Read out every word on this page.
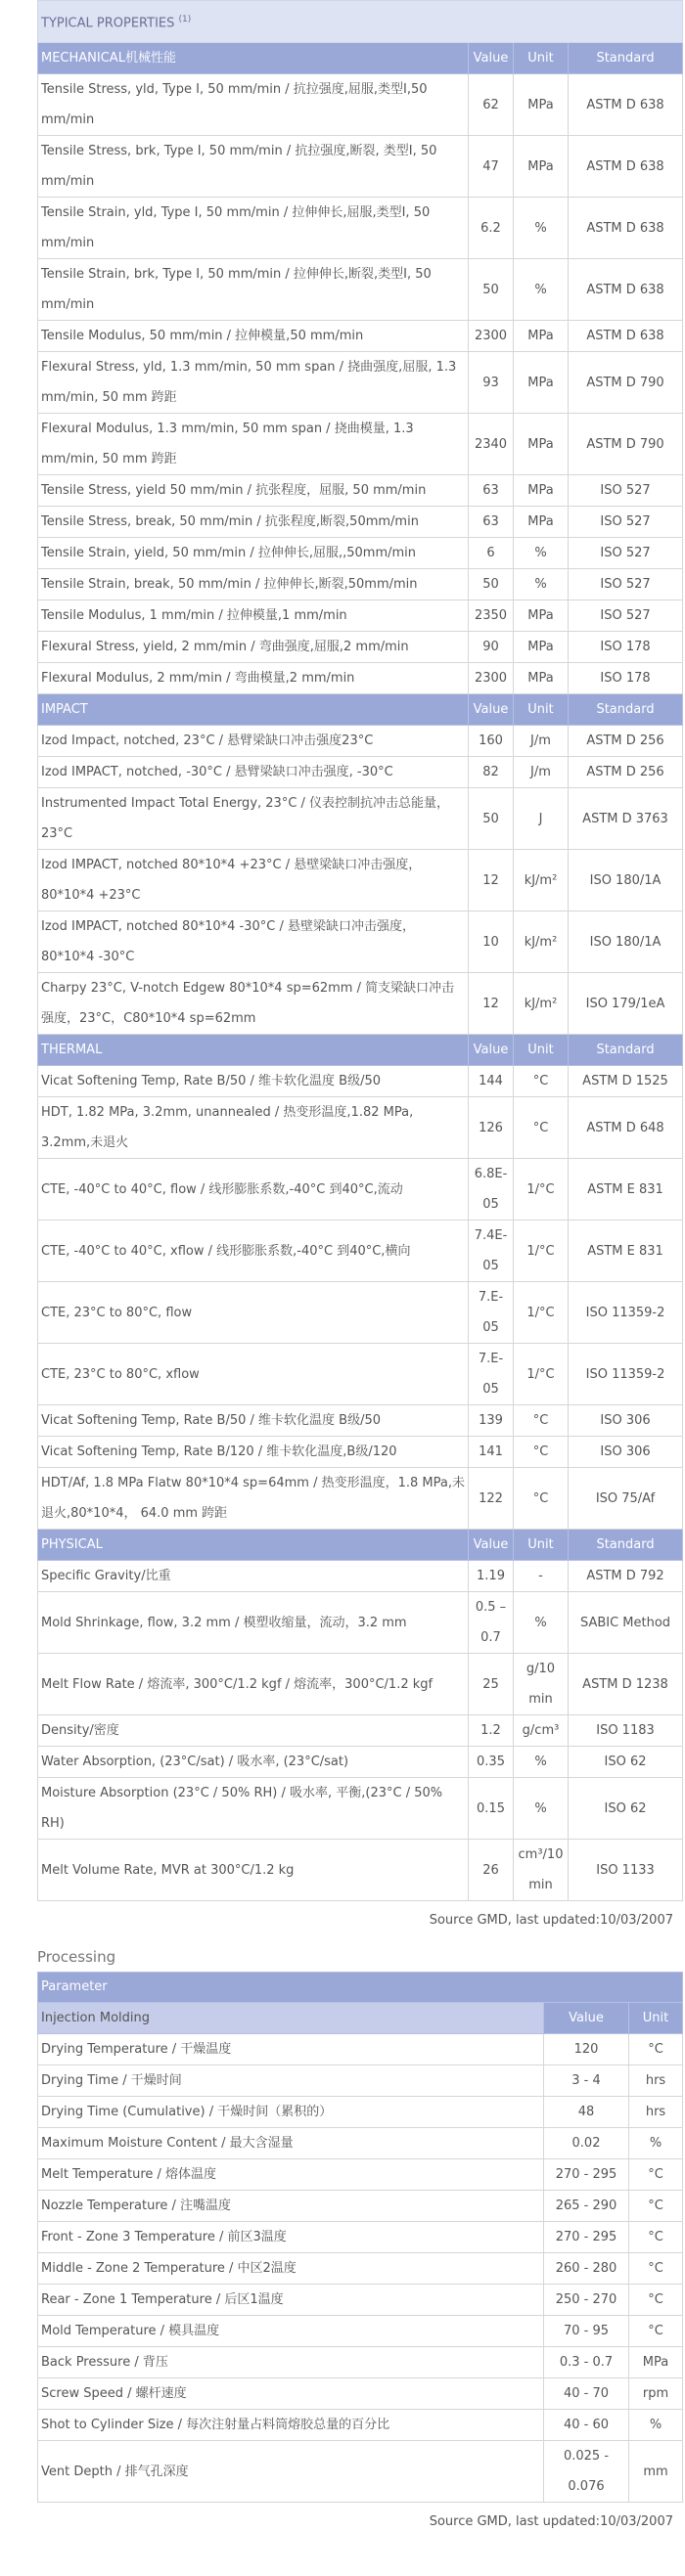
TYPICAL PROPERTIES $^{(1)}$
MECHANICAL机械性能	Value	Unit	Standard
Tensile Stress, yld, Type I, 50 mm/min / 抗拉强度,屈服,类型I,50 mm/min	62	MPa	ASTM D 638
Tensile Stress, brk, Type I, 50 mm/min / 抗拉强度,断裂, 类型I, 50 mm/min	47	MPa	ASTM D 638
Tensile Strain, yld, Type I, 50 mm/min / 拉伸伸长,屈服,类型I, 50 mm/min	6.2	%	ASTM D 638
Tensile Strain, brk, Type I, 50 mm/min / 拉伸伸长,断裂,类型I, 50 mm/min	50	%	ASTM D 638
Tensile Modulus, 50 mm/min / 拉伸模量,50 mm/min	2300	MPa	ASTM D 638
Flexural Stress, yld, 1.3 mm/min, 50 mm span / 挠曲强度,屈服, 1.3 mm/min, 50 mm 跨距	93	MPa	ASTM D 790
Flexural Modulus, 1.3 mm/min, 50 mm span / 挠曲模量, 1.3 mm/min, 50 mm 跨距	2340	MPa	ASTM D 790
Tensile Stress, yield 50 mm/min / 抗张程度，屈服, 50 mm/min	63	MPa	ISO 527
Tensile Stress, break, 50 mm/min / 抗张程度,断裂,50mm/min	63	MPa	ISO 527
Tensile Strain, yield, 50 mm/min / 拉伸伸长,屈服,,50mm/min	6	%	ISO 527
Tensile Strain, break, 50 mm/min / 拉伸伸长,断裂,50mm/min	50	%	ISO 527
Tensile Modulus, 1 mm/min / 拉伸模量,1 mm/min	2350	MPa	ISO 527
Flexural Stress, yield, 2 mm/min / 弯曲强度,屈服,2 mm/min	90	MPa	ISO 178
Flexural Modulus, 2 mm/min / 弯曲模量,2 mm/min	2300	MPa	ISO 178
IMPACT	Value	Unit	Standard
Izod Impact, notched, 23°C / 悬臂梁缺口冲击强度23°C	160	J/m	ASTM D 256
Izod IMPACT, notched, -30°C / 悬臂梁缺口冲击强度, -30°C	82	J/m	ASTM D 256
Instrumented Impact Total Energy, 23°C / 仪表控制抗冲击总能量，23°C	50	J	ASTM D 3763
Izod IMPACT, notched 80*10*4 +23°C / 悬壁梁缺口冲击强度，80*10*4 +23°C	12	kJ/m²	ISO 180/1A
Izod IMPACT, notched 80*10*4 -30°C / 悬壁梁缺口冲击强度，80*10*4 -30°C	10	kJ/m²	ISO 180/1A
Charpy 23°C, V-notch Edgew 80*10*4 sp=62mm / 简支梁缺口冲击强度，23°C，C80*10*4 sp=62mm	12	kJ/m²	ISO 179/1eA
THERMAL	Value	Unit	Standard
Vicat Softening Temp, Rate B/50 / 维卡软化温度 B级/50	144	°C	ASTM D 1525
HDT, 1.82 MPa, 3.2mm, unannealed / 热变形温度,1.82 MPa, 3.2mm,未退火	126	°C	ASTM D 648
CTE, -40°C to 40°C, flow / 线形膨胀系数,-40°C 到40°C,流动	6.8E-05	1/°C	ASTM E 831
CTE, -40°C to 40°C, xflow / 线形膨胀系数,-40°C 到40°C,横向	7.4E-05	1/°C	ASTM E 831
CTE, 23°C to 80°C, flow	7.E-05	1/°C	ISO 11359-2
CTE, 23°C to 80°C, xflow	7.E-05	1/°C	ISO 11359-2
Vicat Softening Temp, Rate B/50 / 维卡软化温度 B级/50	139	°C	ISO 306
Vicat Softening Temp, Rate B/120 / 维卡软化温度,B级/120	141	°C	ISO 306
HDT/Af, 1.8 MPa Flatw 80*10*4 sp=64mm / 热变形温度，1.8 MPa,未退火,80*10*4， 64.0 mm 跨距	122	°C	ISO 75/Af
PHYSICAL	Value	Unit	Standard
Specific Gravity/比重	1.19	-	ASTM D 792
Mold Shrinkage, flow, 3.2 mm / 模塑收缩量，流动，3.2 mm	0.5 – 0.7	%	SABIC Method
Melt Flow Rate / 熔流率, 300°C/1.2 kgf / 熔流率，300°C/1.2 kgf	25	g/10 min	ASTM D 1238
Density/密度	1.2	g/cm³	ISO 1183
Water Absorption, (23°C/sat) / 吸水率, (23°C/sat)	0.35	%	ISO 62
Moisture Absorption (23°C / 50% RH) / 吸水率, 平衡,(23°C / 50% RH)	0.15	%	ISO 62
Melt Volume Rate, MVR at 300°C/1.2 kg	26	cm³/10 min	ISO 1133
Source GMD, last updated:10/03/2007
Processing
Parameter		
Injection Molding	Value	Unit
Drying Temperature / 干燥温度	120	°C
Drying Time / 干燥时间	3 - 4	hrs
Drying Time (Cumulative) / 干燥时间（累积的）	48	hrs
Maximum Moisture Content / 最大含湿量	0.02	%
Melt Temperature / 熔体温度	270 - 295	°C
Nozzle Temperature / 注嘴温度	265 - 290	°C
Front - Zone 3 Temperature / 前区3温度	270 - 295	°C
Middle - Zone 2 Temperature / 中区2温度	260 - 280	°C
Rear - Zone 1 Temperature / 后区1温度	250 - 270	°C
Mold Temperature / 模具温度	70 - 95	°C
Back Pressure / 背压	0.3 - 0.7	MPa
Screw Speed / 螺杆速度	40 - 70	rpm
Shot to Cylinder Size / 每次注射量占料筒熔胶总量的百分比	40 - 60	%
Vent Depth / 排气孔深度	0.025 - 0.076	mm
Source GMD, last updated:10/03/2007
